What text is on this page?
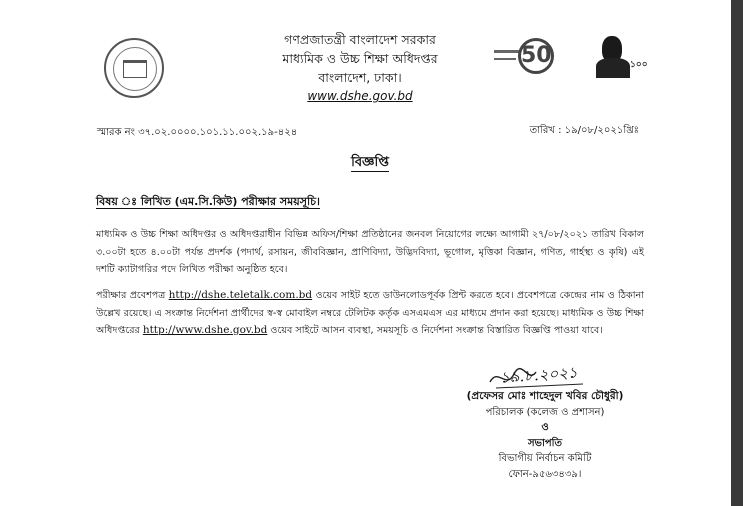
গণপ্রজাতন্ত্রী বাংলাদেশ সরকার
মাধ্যমিক ও উচ্চ শিক্ষা অধিদপ্তর
বাংলাদেশ, ঢাকা।
www.dshe.gov.bd
50	১০০
স্মারক নং ৩৭.০২.০০০০.১০১.১১.০০২.১৯-৪২৪	তারিখ : ১৯/০৮/২০২১খ্রিঃ
বিজ্ঞপ্তি
বিষয় ঃ লিখিত (এম.সি.কিউ) পরীক্ষার সময়সূচি।
মাধ্যমিক ও উচ্চ শিক্ষা অধিদপ্তর ও অধিদপ্তরাধীন বিভিন্ন অফিস/শিক্ষা প্রতিষ্ঠানের জনবল নিয়োগের লক্ষ্যে আগামী ২৭/০৮/২০২১ তারিখ বিকাল ৩.০০টা হতে ৪.০০টা পর্যন্ত প্রদর্শক (পদার্থ, রসায়ন, জীববিজ্ঞান, প্রাণিবিদ্যা, উদ্ভিদবিদ্যা, ভূগোল, মৃত্তিকা বিজ্ঞান, গণিত, গার্হস্থ্য ও কৃষি) এই দশটি ক্যাটাগরির পদে লিখিত পরীক্ষা অনুষ্ঠিত হবে।
পরীক্ষার প্রবেশপত্র http://dshe.teletalk.com.bd ওয়েব সাইট হতে ডাউনলোডপূর্বক প্রিন্ট করতে হবে। প্রবেশপত্রে কেন্দ্রের নাম ও ঠিকানা উল্লেখ রয়েছে। এ সংক্রান্ত নির্দেশনা প্রার্থীদের স্ব-স্ব মোবাইল নম্বরে টেলিটক কর্তৃক এসএমএস এর মাধ্যমে প্রদান করা হয়েছে। মাধ্যমিক ও উচ্চ শিক্ষা অধিদপ্তরের http://www.dshe.gov.bd ওয়েব সাইটে আসন ব্যবস্থা, সময়সূচি ও নির্দেশনা সংক্রান্ত বিস্তারিত বিজ্ঞপ্তি পাওয়া যাবে।
১৯.৮.২০২১
(প্রফেসর মোঃ শাহেদুল খবির চৌধুরী)
পরিচালক (কলেজ ও প্রশাসন)
ও
সভাপতি
বিভাগীয় নির্বাচন কমিটি
ফোন-৯৫৬৩৪৩৯।
